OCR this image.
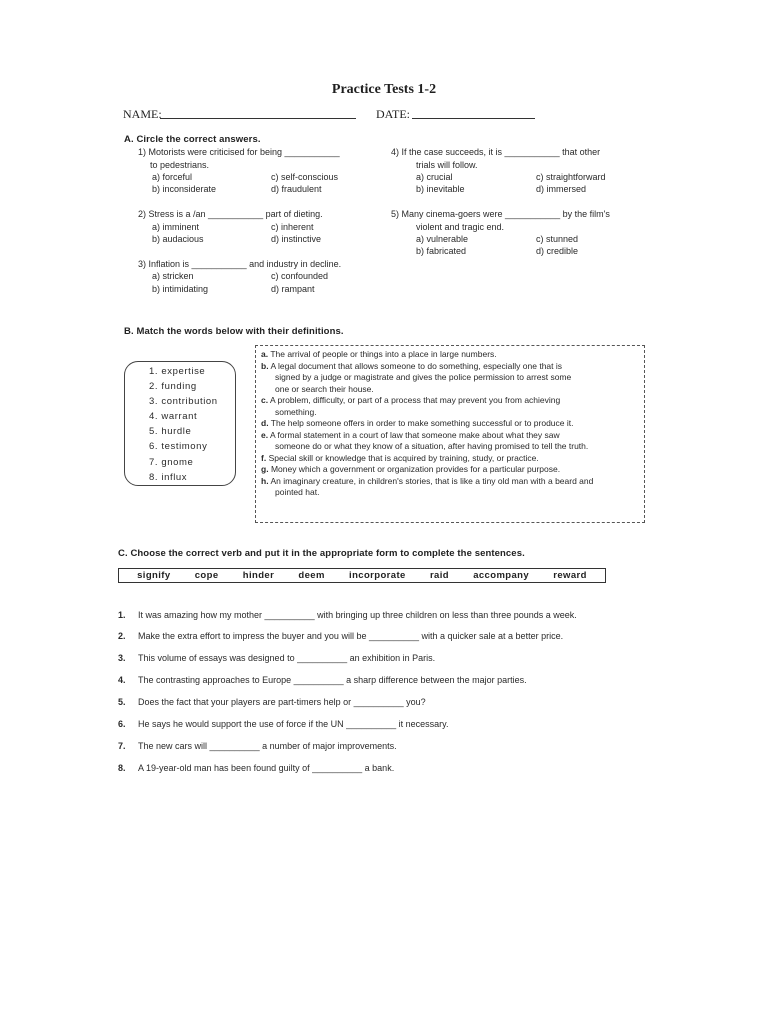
Practice Tests 1-2
NAME:	DATE:
A. Circle the correct answers.
1) Motorists were criticised for being ___________
to pedestrians.
a) forceful	c) self-conscious
b) inconsiderate	d) fraudulent
2) Stress is a /an ___________ part of dieting.
a) imminent	c) inherent
b) audacious	d) instinctive
3) Inflation is ___________ and industry in decline.
a) stricken	c) confounded
b) intimidating	d) rampant
4) If the case succeeds, it is ___________ that other
trials will follow.
a) crucial	c) straightforward
b) inevitable	d) immersed
5) Many cinema-goers were ___________ by the film's
violent and tragic end.
a) vulnerable	c) stunned
b) fabricated	d) credible
B. Match the words below with their definitions.
1. expertise
2. funding
3. contribution
4. warrant
5. hurdle
6. testimony
7. gnome
8. influx
a. The arrival of people or things into a place in large numbers.
b. A legal document that allows someone to do something, especially one that is
signed by a judge or magistrate and gives the police permission to arrest some
one or search their house.
c. A problem, difficulty, or part of a process that may prevent you from achieving
something.
d. The help someone offers in order to make something successful or to produce it.
e. A formal statement in a court of law that someone make about what they saw
someone do or what they know of a situation, after having promised to tell the truth.
f. Special skill or knowledge that is acquired by training, study, or practice.
g. Money which a government or organization provides for a particular purpose.
h. An imaginary creature, in children's stories, that is like a tiny old man with a beard and
pointed hat.
C. Choose the correct verb and put it in the appropriate form to complete the sentences.
signify	cope	hinder	deem	incorporate	raid	accompany	reward
1. It was amazing how my mother __________ with bringing up three children on less than three pounds a week.
2. Make the extra effort to impress the buyer and you will be __________ with a quicker sale at a better price.
3. This volume of essays was designed to __________ an exhibition in Paris.
4. The contrasting approaches to Europe __________ a sharp difference between the major parties.
5. Does the fact that your players are part-timers help or __________ you?
6. He says he would support the use of force if the UN __________ it necessary.
7. The new cars will __________ a number of major improvements.
8. A 19-year-old man has been found guilty of __________ a bank.
